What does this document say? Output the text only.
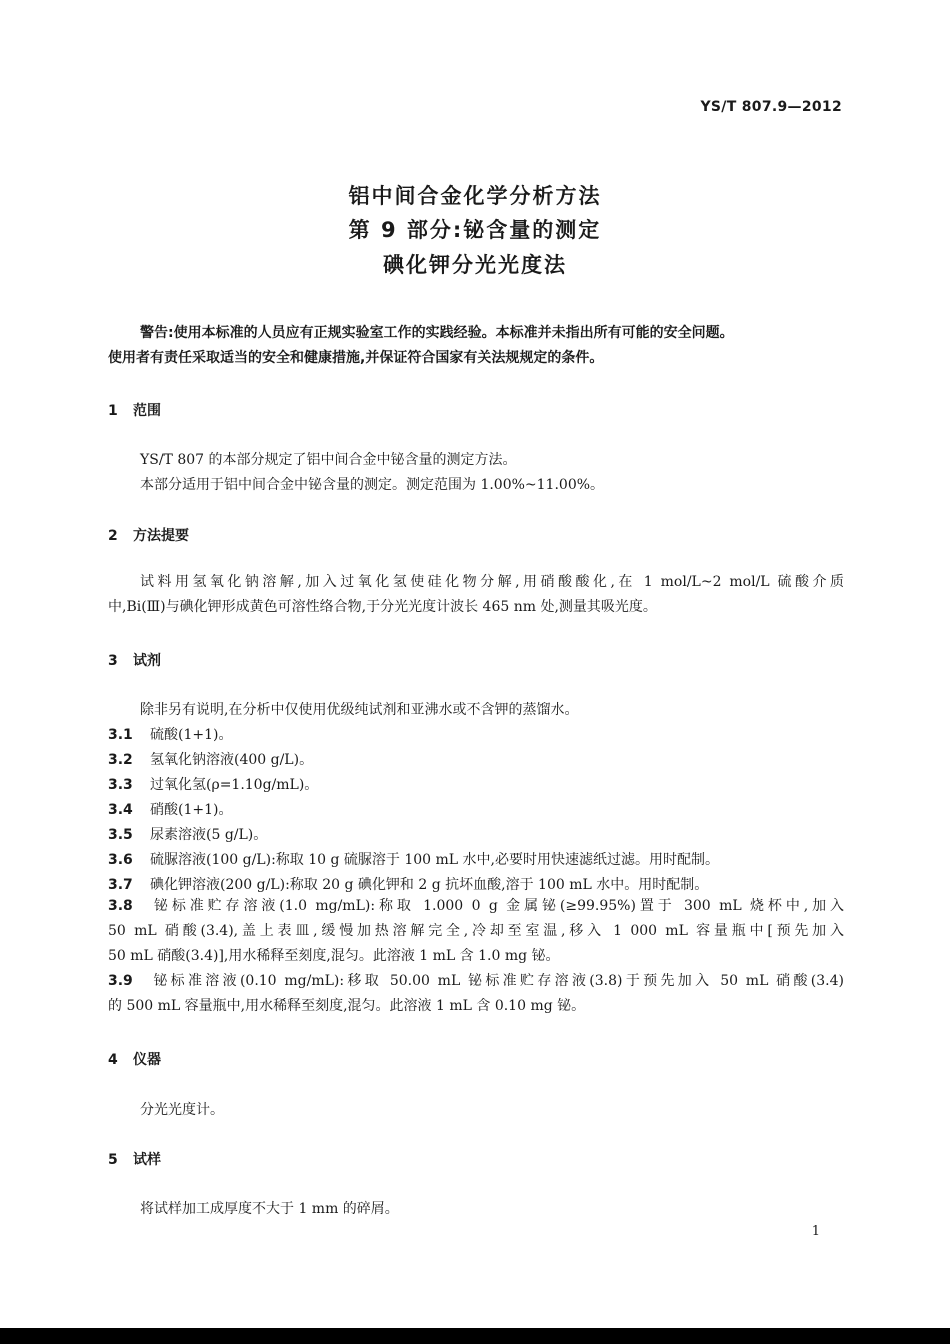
YS/T 807.9—2012
铝中间合金化学分析方法
第 9 部分:铋含量的测定
碘化钾分光光度法
警告:使用本标准的人员应有正规实验室工作的实践经验。本标准并未指出所有可能的安全问题。
使用者有责任采取适当的安全和健康措施,并保证符合国家有关法规规定的条件。
1 范围
YS/T 807 的本部分规定了铝中间合金中铋含量的测定方法。
本部分适用于铝中间合金中铋含量的测定。测定范围为 1.00%~11.00%。
2 方法提要
试料用氢氧化钠溶解,加入过氧化氢使硅化物分解,用硝酸酸化,在 1 mol/L~2 mol/L 硫酸介质
中,Bi(Ⅲ)与碘化钾形成黄色可溶性络合物,于分光光度计波长 465 nm 处,测量其吸光度。
3 试剂
除非另有说明,在分析中仅使用优级纯试剂和亚沸水或不含钾的蒸馏水。
3.1 硫酸(1+1)。
3.2 氢氧化钠溶液(400 g/L)。
3.3 过氧化氢(ρ=1.10g/mL)。
3.4 硝酸(1+1)。
3.5 尿素溶液(5 g/L)。
3.6 硫脲溶液(100 g/L):称取 10 g 硫脲溶于 100 mL 水中,必要时用快速滤纸过滤。用时配制。
3.7 碘化钾溶液(200 g/L):称取 20 g 碘化钾和 2 g 抗坏血酸,溶于 100 mL 水中。用时配制。
3.8 铋标准贮存溶液(1.0 mg/mL):称取 1.000 0 g 金属铋(≥99.95%)置于 300 mL 烧杯中,加入
50 mL 硝酸(3.4),盖上表皿,缓慢加热溶解完全,冷却至室温,移入 1 000 mL 容量瓶中[预先加入
50 mL 硝酸(3.4)],用水稀释至刻度,混匀。此溶液 1 mL 含 1.0 mg 铋。
3.9 铋标准溶液(0.10 mg/mL):移取 50.00 mL 铋标准贮存溶液(3.8)于预先加入 50 mL 硝酸(3.4)
的 500 mL 容量瓶中,用水稀释至刻度,混匀。此溶液 1 mL 含 0.10 mg 铋。
4 仪器
分光光度计。
5 试样
将试样加工成厚度不大于 1 mm 的碎屑。
1
